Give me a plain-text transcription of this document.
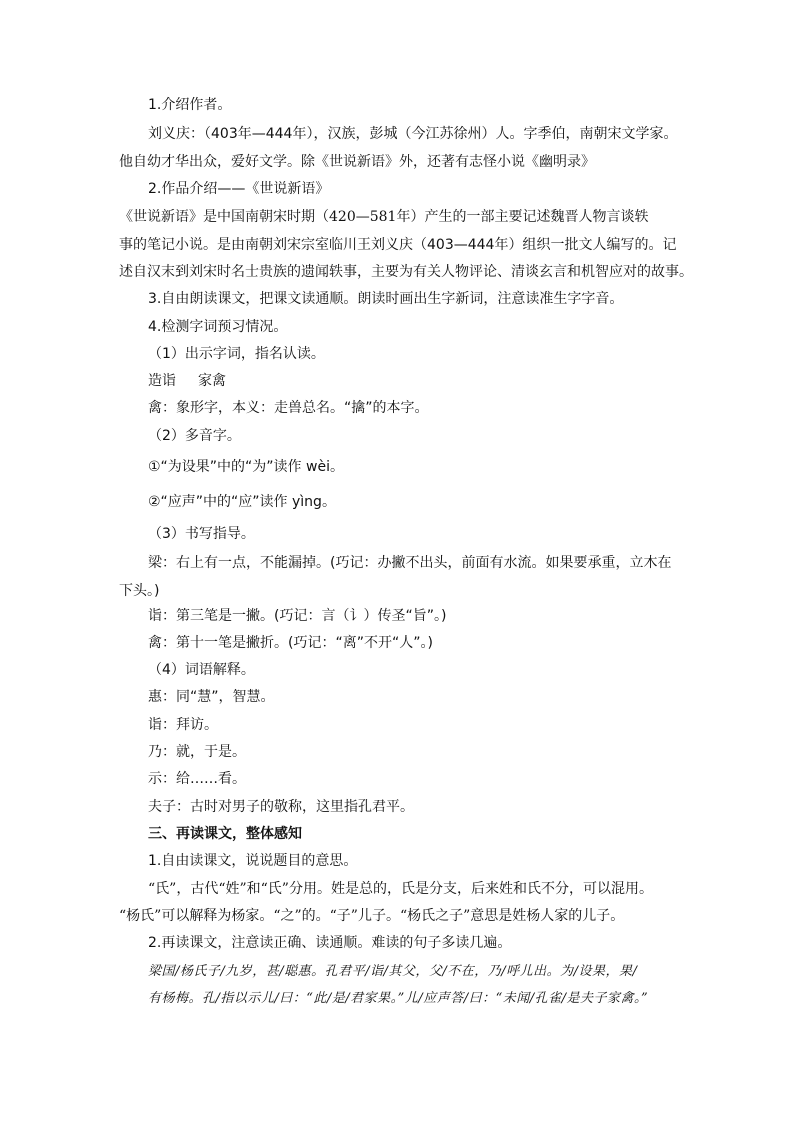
1.介绍作者。
刘义庆：（403年—444年），汉族，彭城（今江苏徐州）人。字季伯，南朝宋文学家。
他自幼才华出众，爱好文学。除《世说新语》外，还著有志怪小说《幽明录》
2.作品介绍——《世说新语》
《世说新语》是中国南朝宋时期（420—581年）产生的一部主要记述魏晋人物言谈轶
事的笔记小说。是由南朝刘宋宗室临川王刘义庆（403—444年）组织一批文人编写的。记
述自汉末到刘宋时名士贵族的遗闻轶事，主要为有关人物评论、清谈玄言和机智应对的故事。
3.自由朗读课文，把课文读通顺。朗读时画出生字新词，注意读准生字字音。
4.检测字词预习情况。
（1）出示字词，指名认读。
造诣 家禽
禽：象形字，本义：走兽总名。“擒”的本字。
（2）多音字。
①“为设果”中的“为”读作 wèi。
②“应声”中的“应”读作 yìng。
（3）书写指导。
梁：右上有一点，不能漏掉。(巧记：办撇不出头，前面有水流。如果要承重，立木在
下头。)
诣：第三笔是一撇。(巧记：言（讠）传圣“旨”。)
禽：第十一笔是撇折。(巧记：“离”不开“人”。)
（4）词语解释。
惠：同“慧”，智慧。
诣：拜访。
乃：就，于是。
示：给……看。
夫子：古时对男子的敬称，这里指孔君平。
三、再读课文，整体感知
1.自由读课文，说说题目的意思。
“氏”，古代“姓”和“氏”分用。姓是总的，氏是分支，后来姓和氏不分，可以混用。
“杨氏”可以解释为杨家。“之”的。“子”儿子。“杨氏之子”意思是姓杨人家的儿子。
2.再读课文，注意读正确、读通顺。难读的句子多读几遍。
梁国/杨氏子/九岁，甚/聪惠。孔君平/诣/其父，父/不在，乃/呼儿出。为/设果，果/
有杨梅。孔/指以示儿/曰：“此/是/君家果。”儿/应声答/曰：“未闻/孔雀/是夫子家禽。”
